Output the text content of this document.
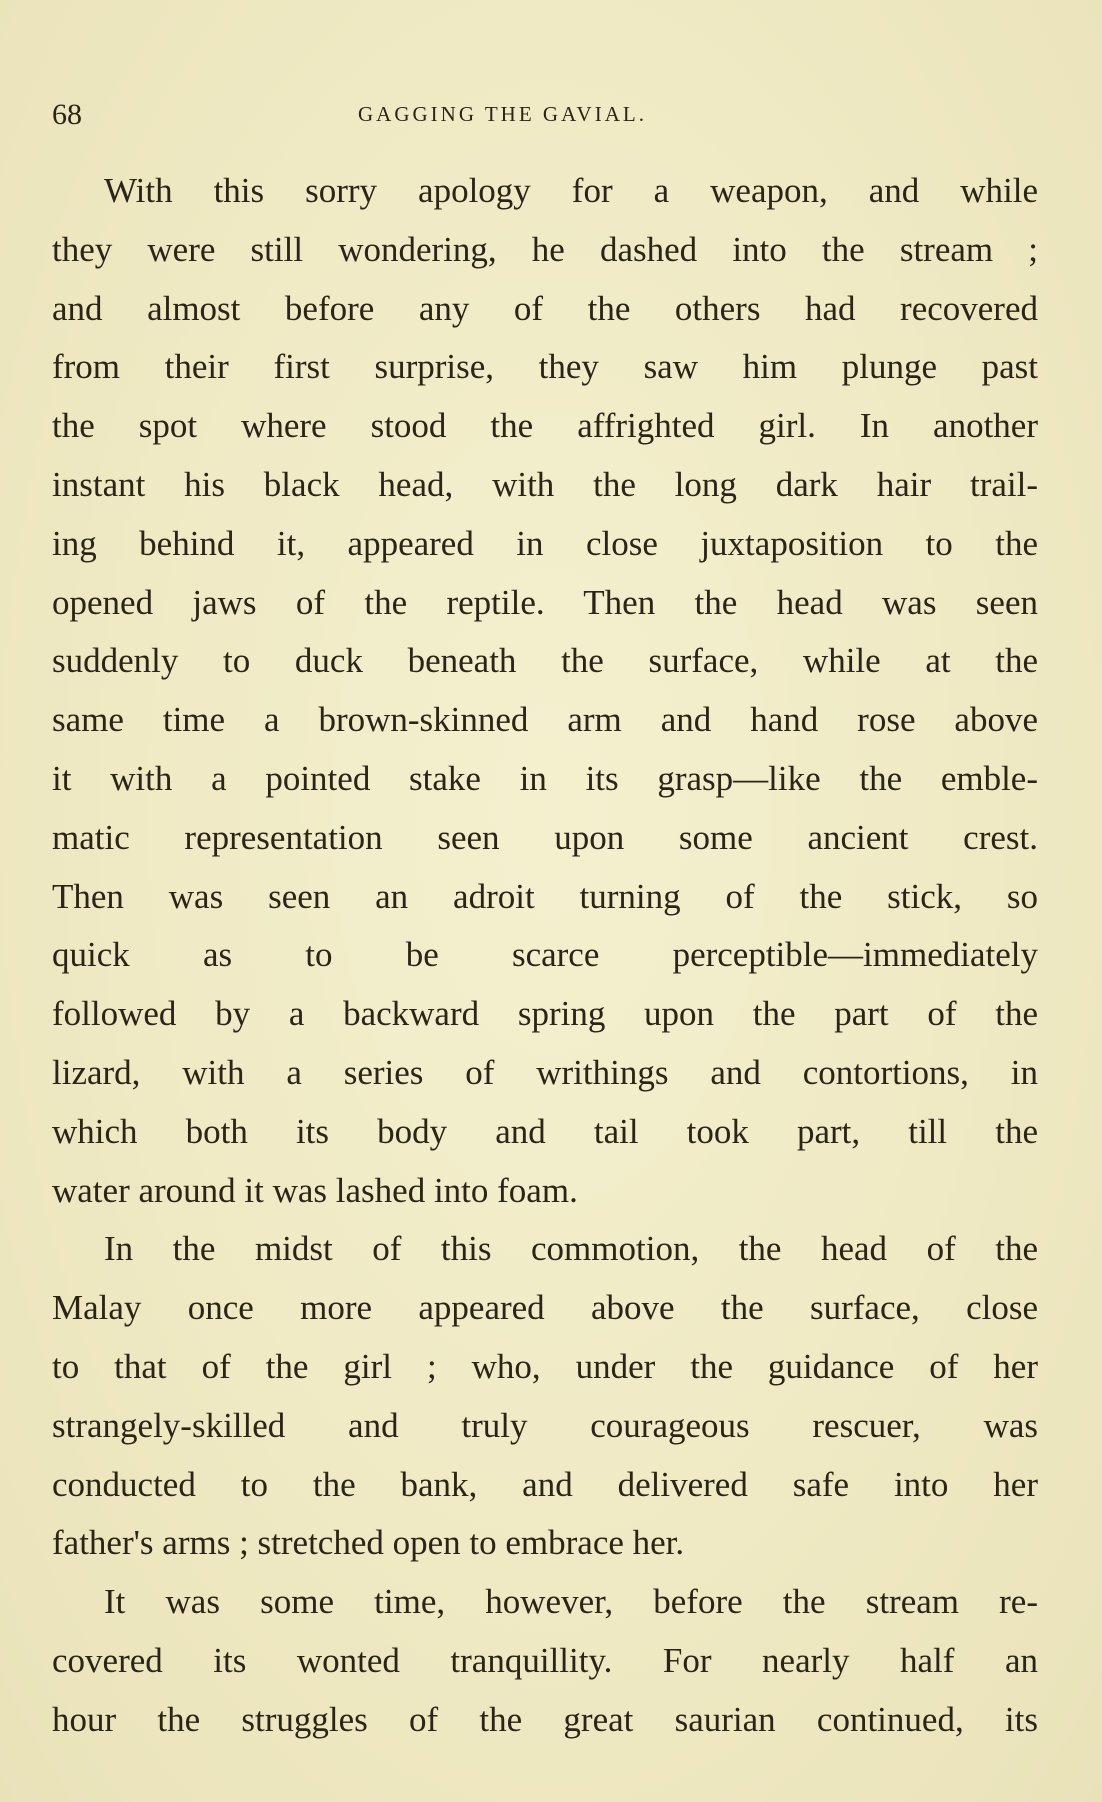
68	GAGGING THE GAVIAL.
With this sorry apology for a weapon, and while
they were still wondering, he dashed into the stream ;
and almost before any of the others had recovered
from their first surprise, they saw him plunge past
the spot where stood the affrighted girl. In another
instant his black head, with the long dark hair trail-
ing behind it, appeared in close juxtaposition to the
opened jaws of the reptile. Then the head was seen
suddenly to duck beneath the surface, while at the
same time a brown-skinned arm and hand rose above
it with a pointed stake in its grasp—like the emble-
matic representation seen upon some ancient crest.
Then was seen an adroit turning of the stick, so
quick as to be scarce perceptible—immediately
followed by a backward spring upon the part of the
lizard, with a series of writhings and contortions, in
which both its body and tail took part, till the
water around it was lashed into foam.
In the midst of this commotion, the head of the
Malay once more appeared above the surface, close
to that of the girl ; who, under the guidance of her
strangely-skilled and truly courageous rescuer, was
conducted to the bank, and delivered safe into her
father's arms ; stretched open to embrace her.
It was some time, however, before the stream re-
covered its wonted tranquillity. For nearly half an
hour the struggles of the great saurian continued, its
